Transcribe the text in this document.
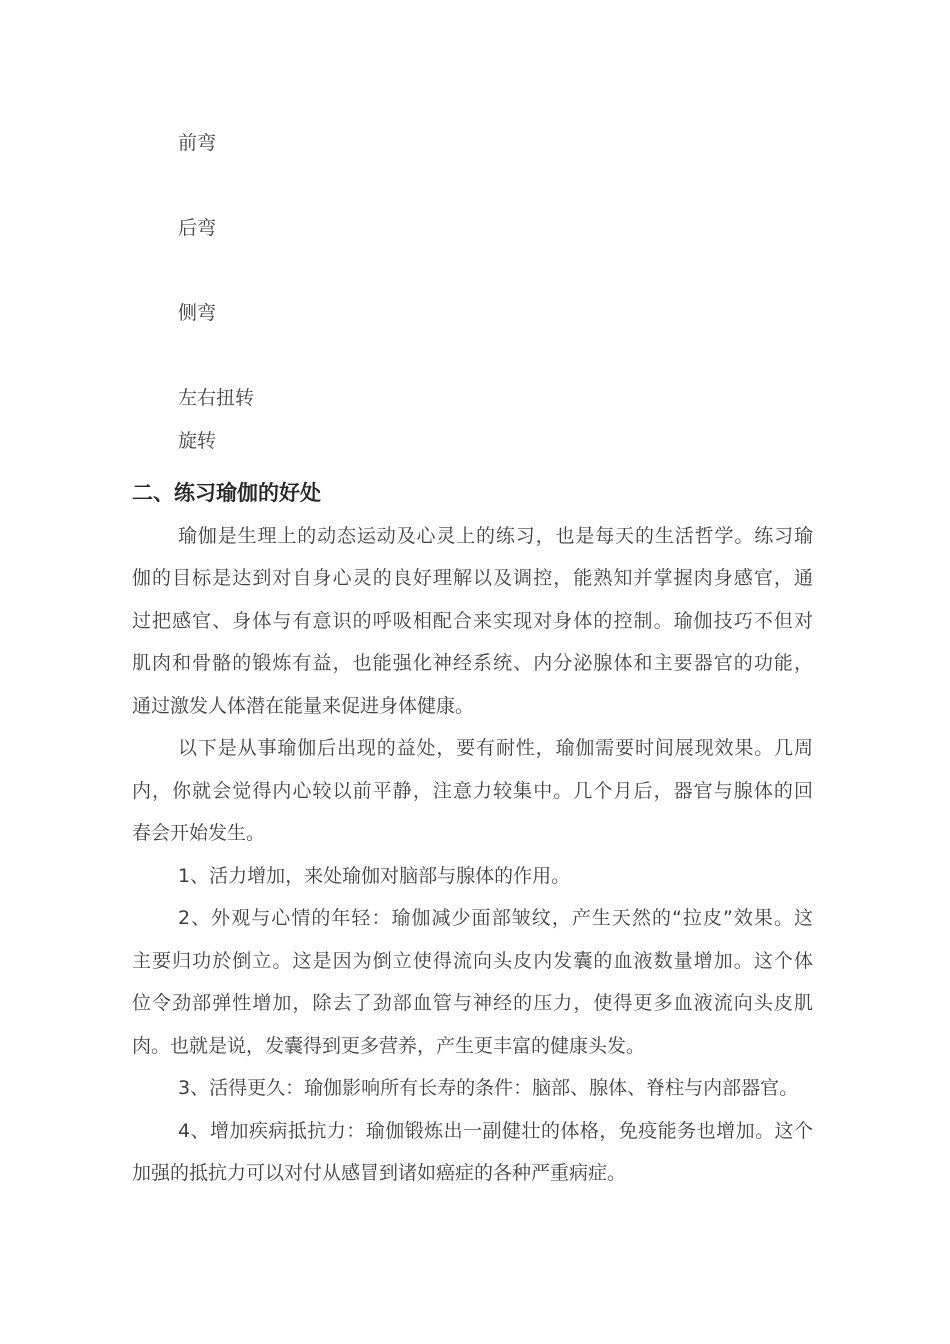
前弯
后弯
侧弯
左右扭转
旋转
二、练习瑜伽的好处
瑜伽是生理上的动态运动及心灵上的练习，也是每天的生活哲学。练习瑜
伽的目标是达到对自身心灵的良好理解以及调控，能熟知并掌握肉身感官，通
过把感官、身体与有意识的呼吸相配合来实现对身体的控制。瑜伽技巧不但对
肌肉和骨骼的锻炼有益，也能强化神经系统、内分泌腺体和主要器官的功能，
通过激发人体潜在能量来促进身体健康。
以下是从事瑜伽后出现的益处，要有耐性，瑜伽需要时间展现效果。几周
内，你就会觉得内心较以前平静，注意力较集中。几个月后，器官与腺体的回
春会开始发生。
1、活力增加，来处瑜伽对脑部与腺体的作用。
2、外观与心情的年轻：瑜伽减少面部皱纹，产生天然的“拉皮”效果。这
主要归功於倒立。这是因为倒立使得流向头皮内发囊的血液数量增加。这个体
位令劲部弹性增加，除去了劲部血管与神经的压力，使得更多血液流向头皮肌
肉。也就是说，发囊得到更多营养，产生更丰富的健康头发。
3、活得更久：瑜伽影响所有长寿的条件：脑部、腺体、脊柱与内部器官。
4、增加疾病抵抗力：瑜伽锻炼出一副健壮的体格，免疫能务也增加。这个
加强的抵抗力可以对付从感冒到诸如癌症的各种严重病症。
